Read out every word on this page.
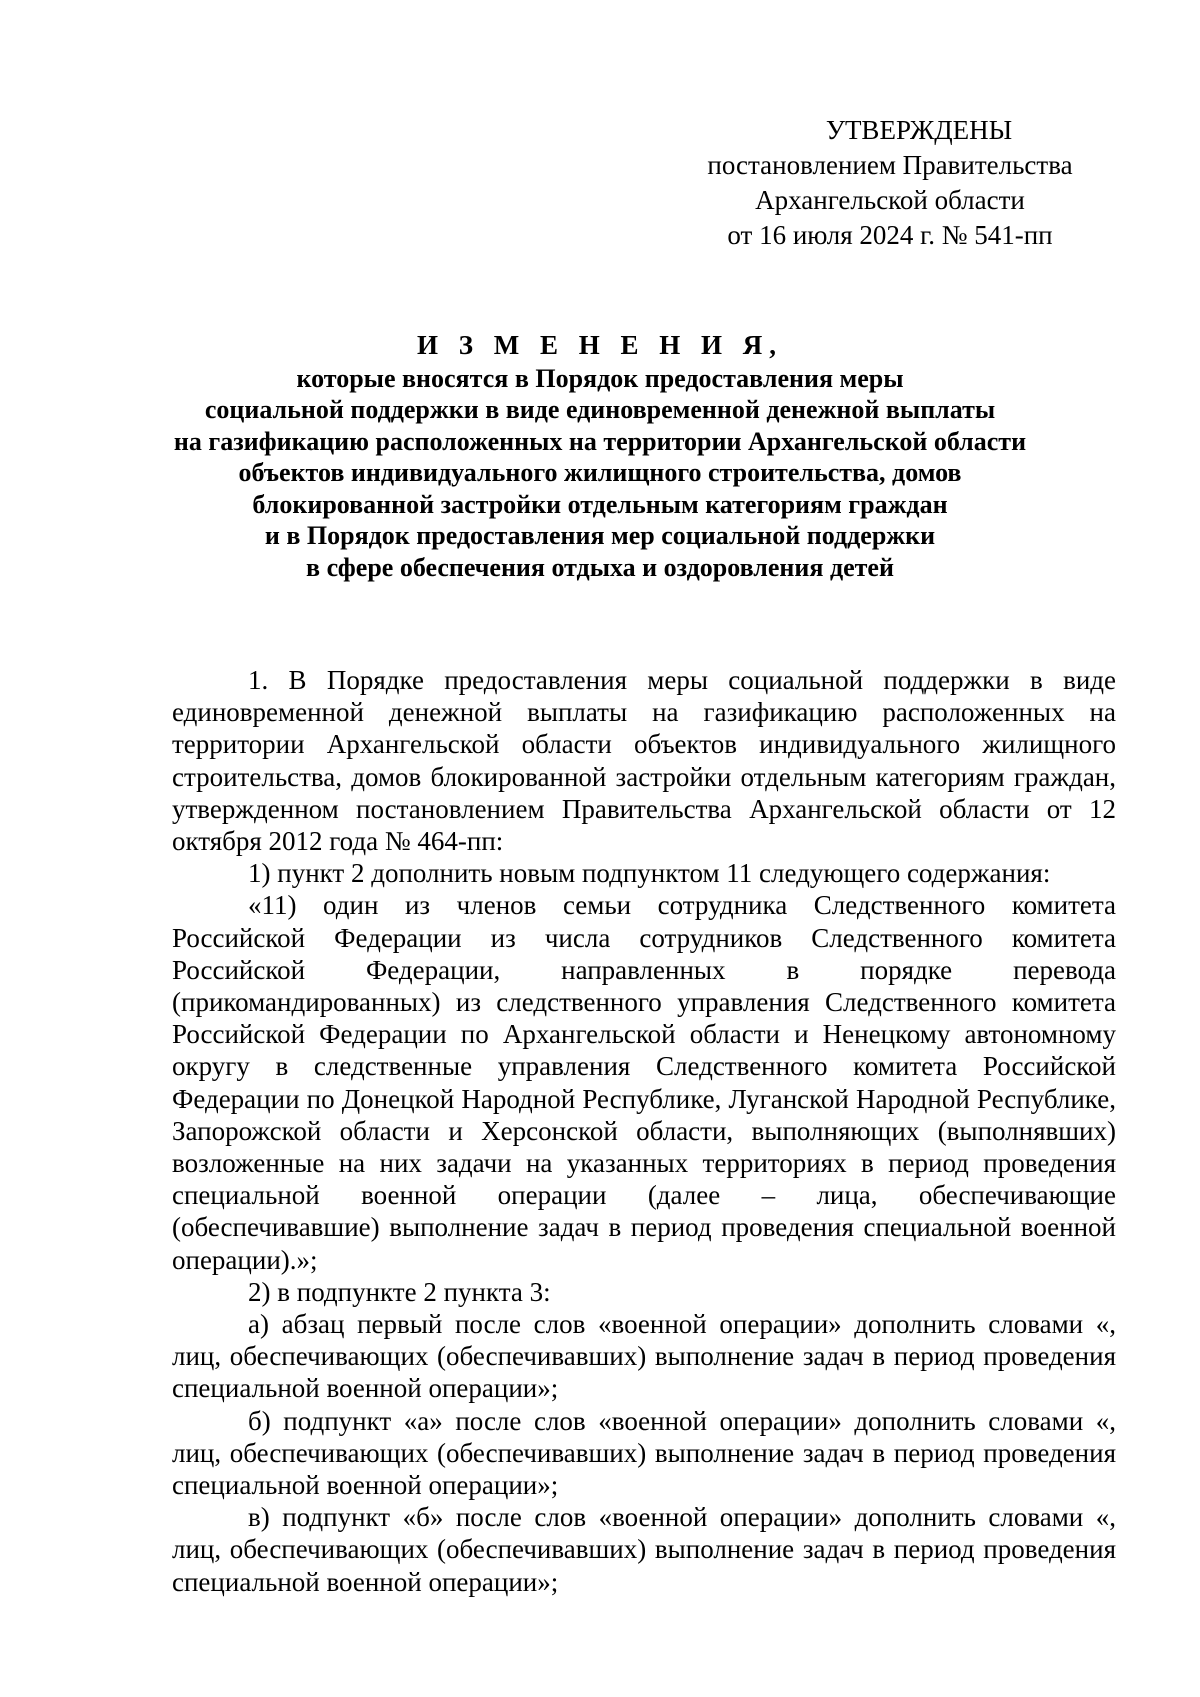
УТВЕРЖДЕНЫ
постановлением Правительства
Архангельской области
от 16 июля 2024 г. № 541-пп
И З М Е Н Е Н И Я,
которые вносятся в Порядок предоставления меры
социальной поддержки в виде единовременной денежной выплаты
на газификацию расположенных на территории Архангельской области
объектов индивидуального жилищного строительства, домов
блокированной застройки отдельным категориям граждан
и в Порядок предоставления мер социальной поддержки
в сфере обеспечения отдыха и оздоровления детей

1. В Порядке предоставления меры социальной поддержки в виде единовременной денежной выплаты на газификацию расположенных на территории Архангельской области объектов индивидуального жилищного строительства, домов блокированной застройки отдельным категориям граждан, утвержденном постановлением Правительства Архангельской области от 12 октября 2012 года № 464-пп:

1) пункт 2 дополнить новым подпунктом 11 следующего содержания:

«11) один из членов семьи сотрудника Следственного комитета Российской Федерации из числа сотрудников Следственного комитета Российской Федерации, направленных в порядке перевода (прикомандированных) из следственного управления Следственного комитета Российской Федерации по Архангельской области и Ненецкому автономному округу в следственные управления Следственного комитета Российской Федерации по Донецкой Народной Республике, Луганской Народной Республике, Запорожской области и Херсонской области, выполняющих (выполнявших) возложенные на них задачи на указанных территориях в период проведения специальной военной операции (далее – лица, обеспечивающие (обеспечивавшие) выполнение задач в период проведения специальной военной операции).»;

2) в подпункте 2 пункта 3:

а) абзац первый после слов «военной операции» дополнить словами «, лиц, обеспечивающих (обеспечивавших) выполнение задач в период проведения специальной военной операции»;

б) подпункт «а» после слов «военной операции» дополнить словами «, лиц, обеспечивающих (обеспечивавших) выполнение задач в период проведения специальной военной операции»;

в) подпункт «б» после слов «военной операции» дополнить словами «, лиц, обеспечивающих (обеспечивавших) выполнение задач в период проведения специальной военной операции»;
